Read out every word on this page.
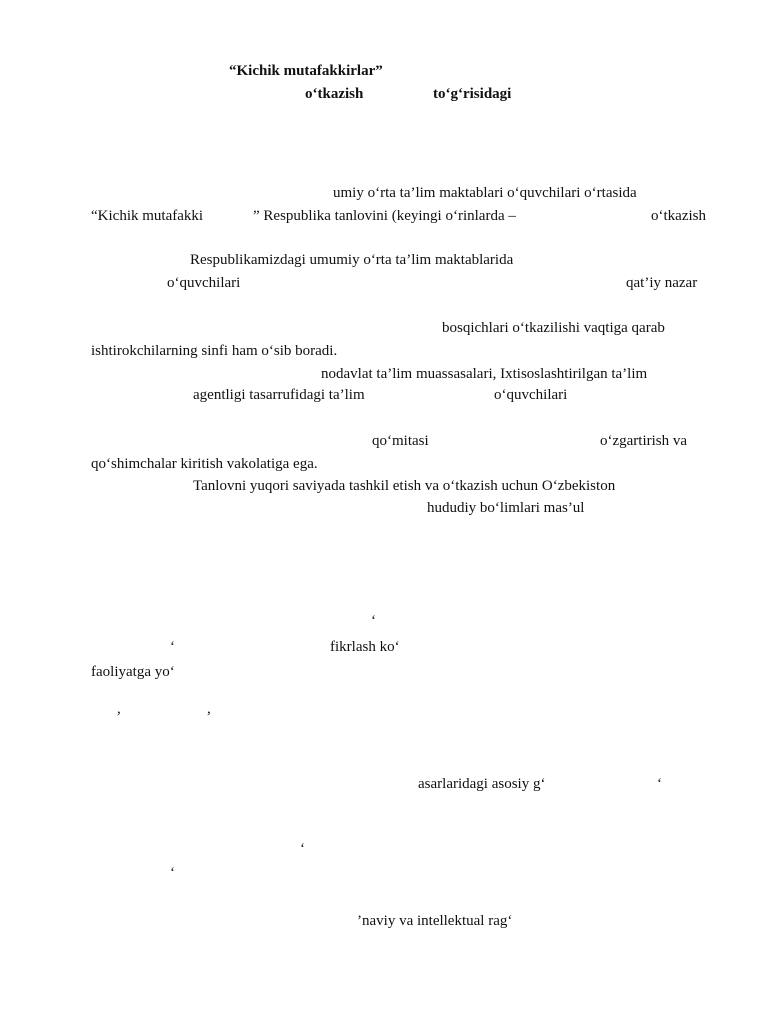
“Kichik mutafakkirlar”
o‘tkazish	to‘g‘risidagi
umiy o‘rta ta’lim maktablari o‘quvchilari o‘rtasida
“Kichik mutafakki	” Respublika tanlovini (keyingi o‘rinlarda –	o‘tkazish
Respublikamizdagi umumiy o‘rta ta’lim maktablarida
o‘quvchilari	qat’iy nazar
bosqichlari o‘tkazilishi vaqtiga qarab
ishtirokchilarning sinfi ham o‘sib boradi.
nodavlat ta’lim muassasalari, Ixtisoslashtirilgan ta’lim
agentligi tasarrufidagi ta’lim	o‘quvchilari
qo‘mitasi	o‘zgartirish va
qo‘shimchalar kiritish vakolatiga ega.
Tanlovni yuqori saviyada tashkil etish va o‘tkazish uchun O‘zbekiston
hududiy bo‘limlari mas’ul
‘
‘	fikrlash ko‘
faoliyatga yo‘
,	,
asarlaridagi asosiy g‘	‘
‘
‘
’naviy va intellektual rag‘
